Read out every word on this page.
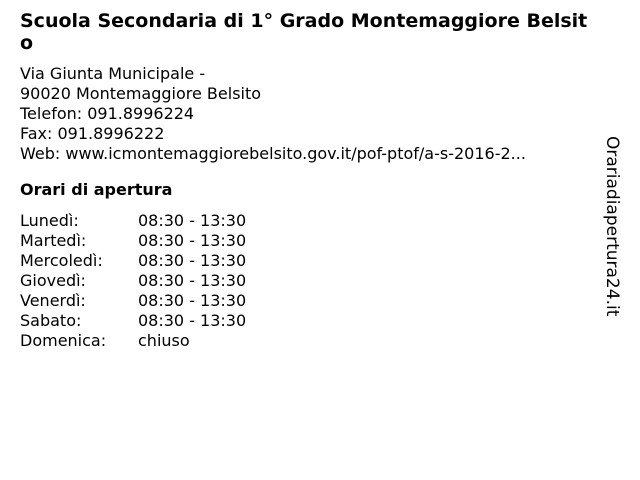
Scuola Secondaria di 1° Grado Montemaggiore Belsito
Via Giunta Municipale -
90020 Montemaggiore Belsito
Telefon: 091.8996224
Fax: 091.8996222
Web: www.icmontemaggiorebelsito.gov.it/pof-ptof/a-s-2016-2...
Orari di apertura
Lunedì:	08:30 - 13:30
Martedì:	08:30 - 13:30
Mercoledì: 08:30 - 13:30
Giovedì:	08:30 - 13:30
Venerdì:	08:30 - 13:30
Sabato:	08:30 - 13:30
Domenica: chiuso
Orariadiapertura24.it
